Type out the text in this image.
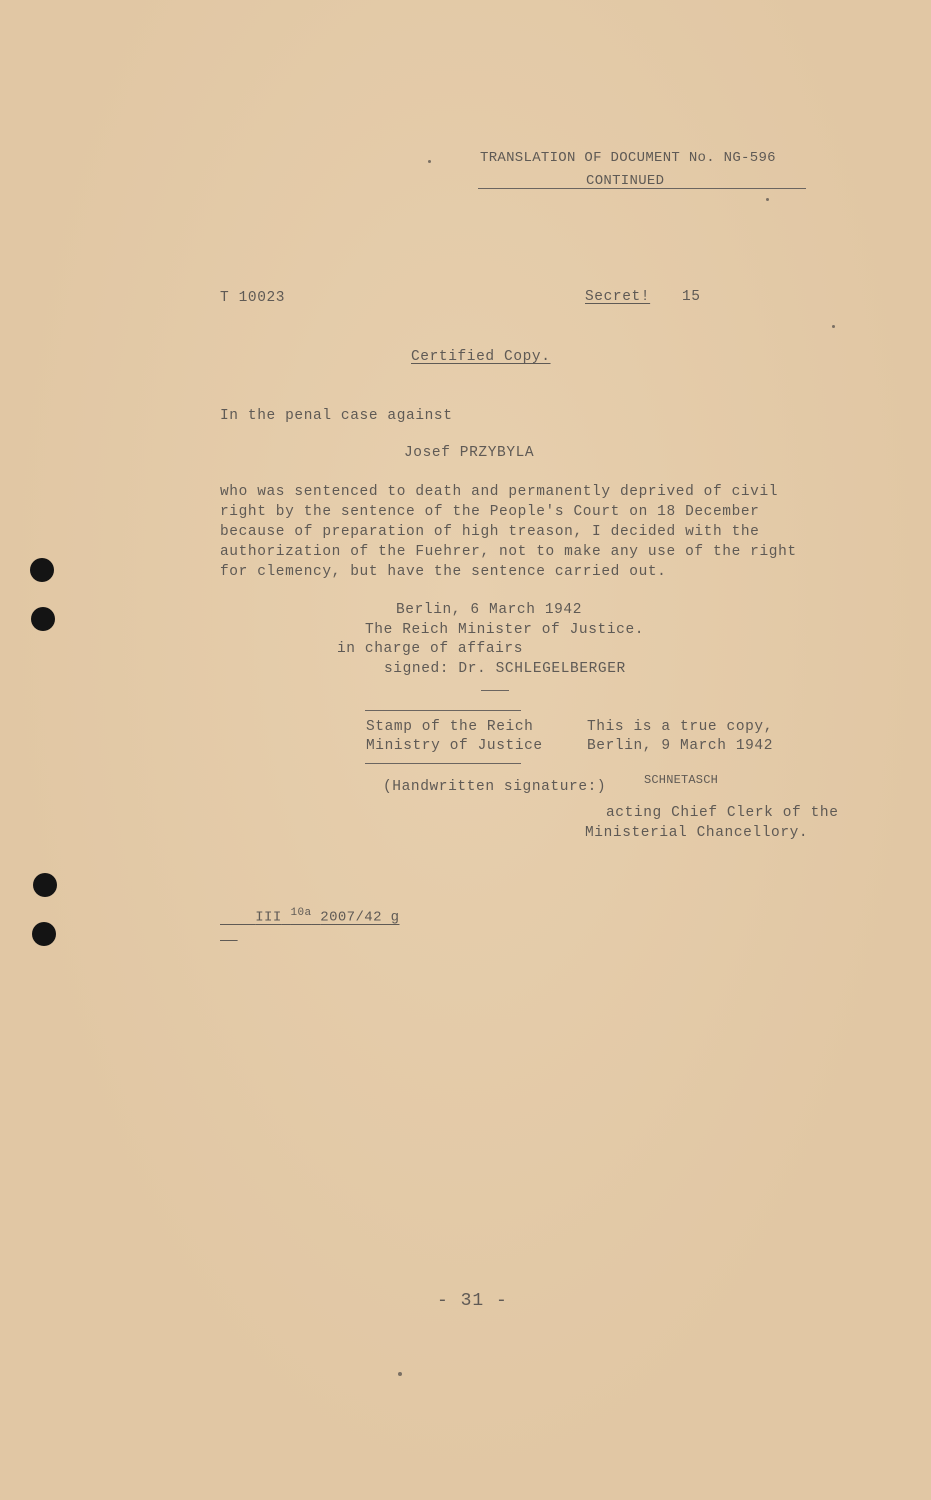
TRANSLATION OF DOCUMENT No. NG-596
CONTINUED
T 10023	Secret! 15
Certified Copy.
In the penal case against
Josef PRZYBYLA
who was sentenced to death and permanently deprived of civil
right by the sentence of the People's Court on 18 December
because of preparation of high treason, I decided with the
authorization of the Fuehrer, not to make any use of the right
for clemency, but have the sentence carried out.
Berlin, 6 March 1942
The Reich Minister of Justice.
in charge of affairs
signed: Dr. SCHLEGELBERGER
Stamp of the Reich
Ministry of Justice
This is a true copy,
Berlin, 9 March 1942
(Handwritten signature:)	SCHNETASCH
acting Chief Clerk of the
Ministerial Chancellory.

III $^{10a}$ 2007/42 g

- 31 -
